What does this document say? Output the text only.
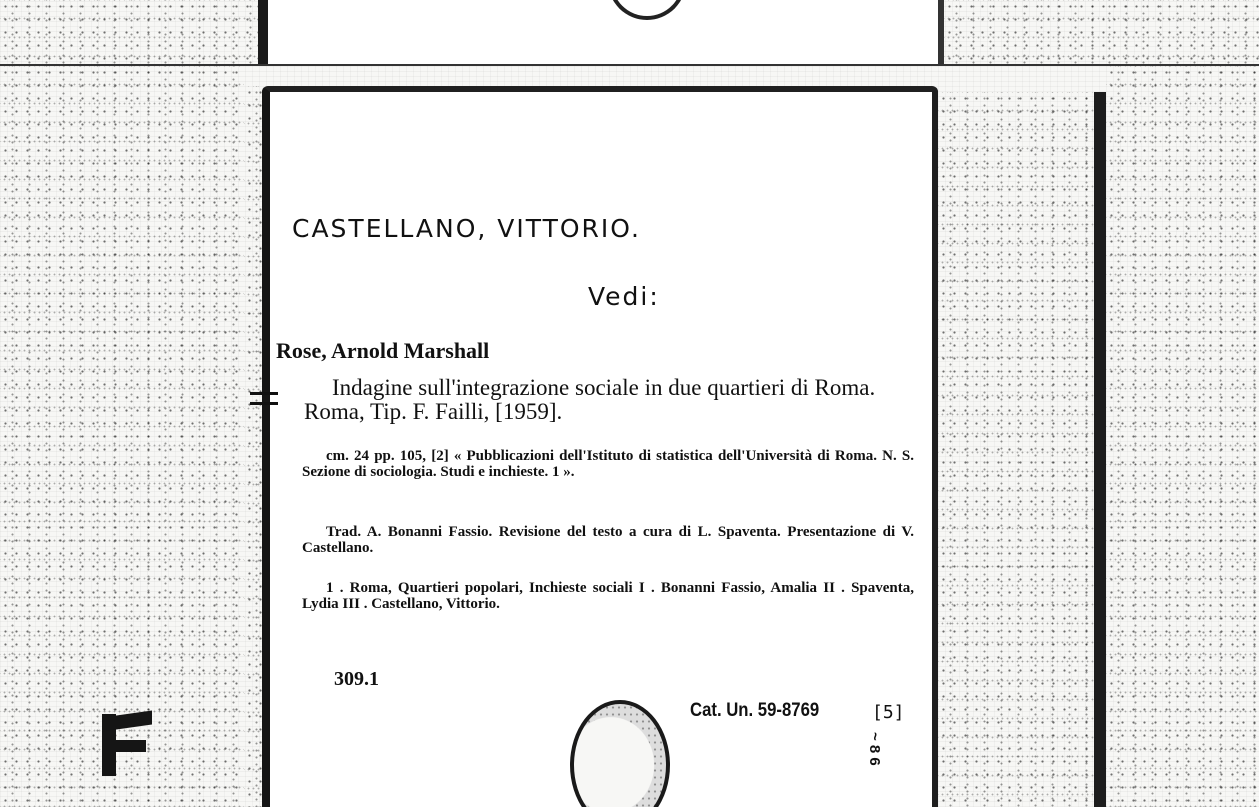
CASTELLANO, VITTORIO.
Vedi:
Rose, Arnold Marshall

Indagine sull'integrazione sociale in due quartieri di Roma. Roma, Tip. F. Failli, [1959].

cm. 24 pp. 105, [2] « Pubblicazioni dell'Istituto di statistica dell'Università di Roma. N. S. Sezione di sociologia. Studi e inchieste. 1 ».

Trad. A. Bonanni Fassio. Revisione del testo a cura di L. Spaventa. Presentazione di V. Castellano.

1 . Roma, Quartieri popolari, Inchieste sociali I . Bonanni Fassio, Amalia II . Spaventa, Lydia III . Castellano, Vittorio.

309.1
Cat. Un. 59-8769	[5]
~ 8 6
